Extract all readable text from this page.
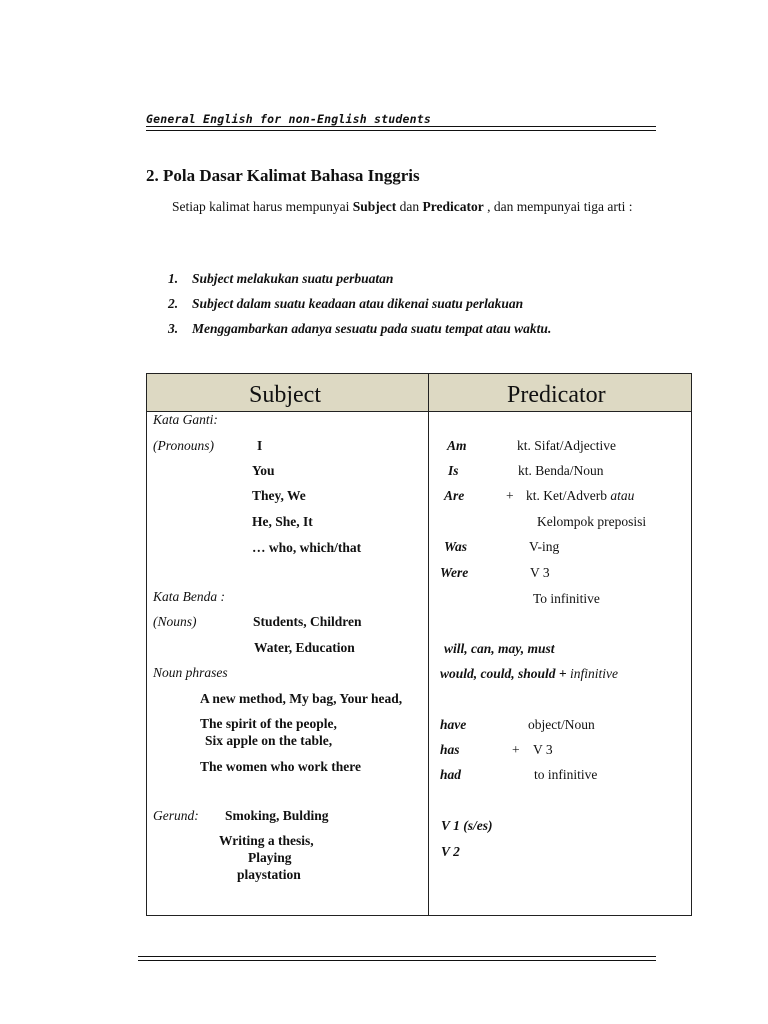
General English for non-English students
2. Pola Dasar Kalimat Bahasa Inggris
Setiap kalimat harus mempunyai Subject dan Predicator , dan mempunyai tiga arti :
1. Subject melakukan suatu perbuatan
2. Subject dalam suatu keadaan atau dikenai suatu perlakuan
3. Menggambarkan adanya sesuatu pada suatu tempat atau waktu.
Subject	Predicator
Kata Ganti:
(Pronouns)	I
You
They, We
He, She, It
… who, which/that
Kata Benda :
(Nouns)	Students, Children
Water, Education
Noun phrases
A new method, My bag, Your head,
The spirit of the people,
Six apple on the table,
The women who work there
Gerund: Smoking, Bulding
Writing a thesis,
Playing
playstation
Am	kt. Sifat/Adjective
Is	kt. Benda/Noun
Are	+ kt. Ket/Adverb atau
Kelompok preposisi
Was	V-ing
Were	V 3
To infinitive
will, can, may, must
would, could, should + infinitive
have	object/Noun
has	+ V 3
had	to infinitive
V 1 (s/es)
V 2
